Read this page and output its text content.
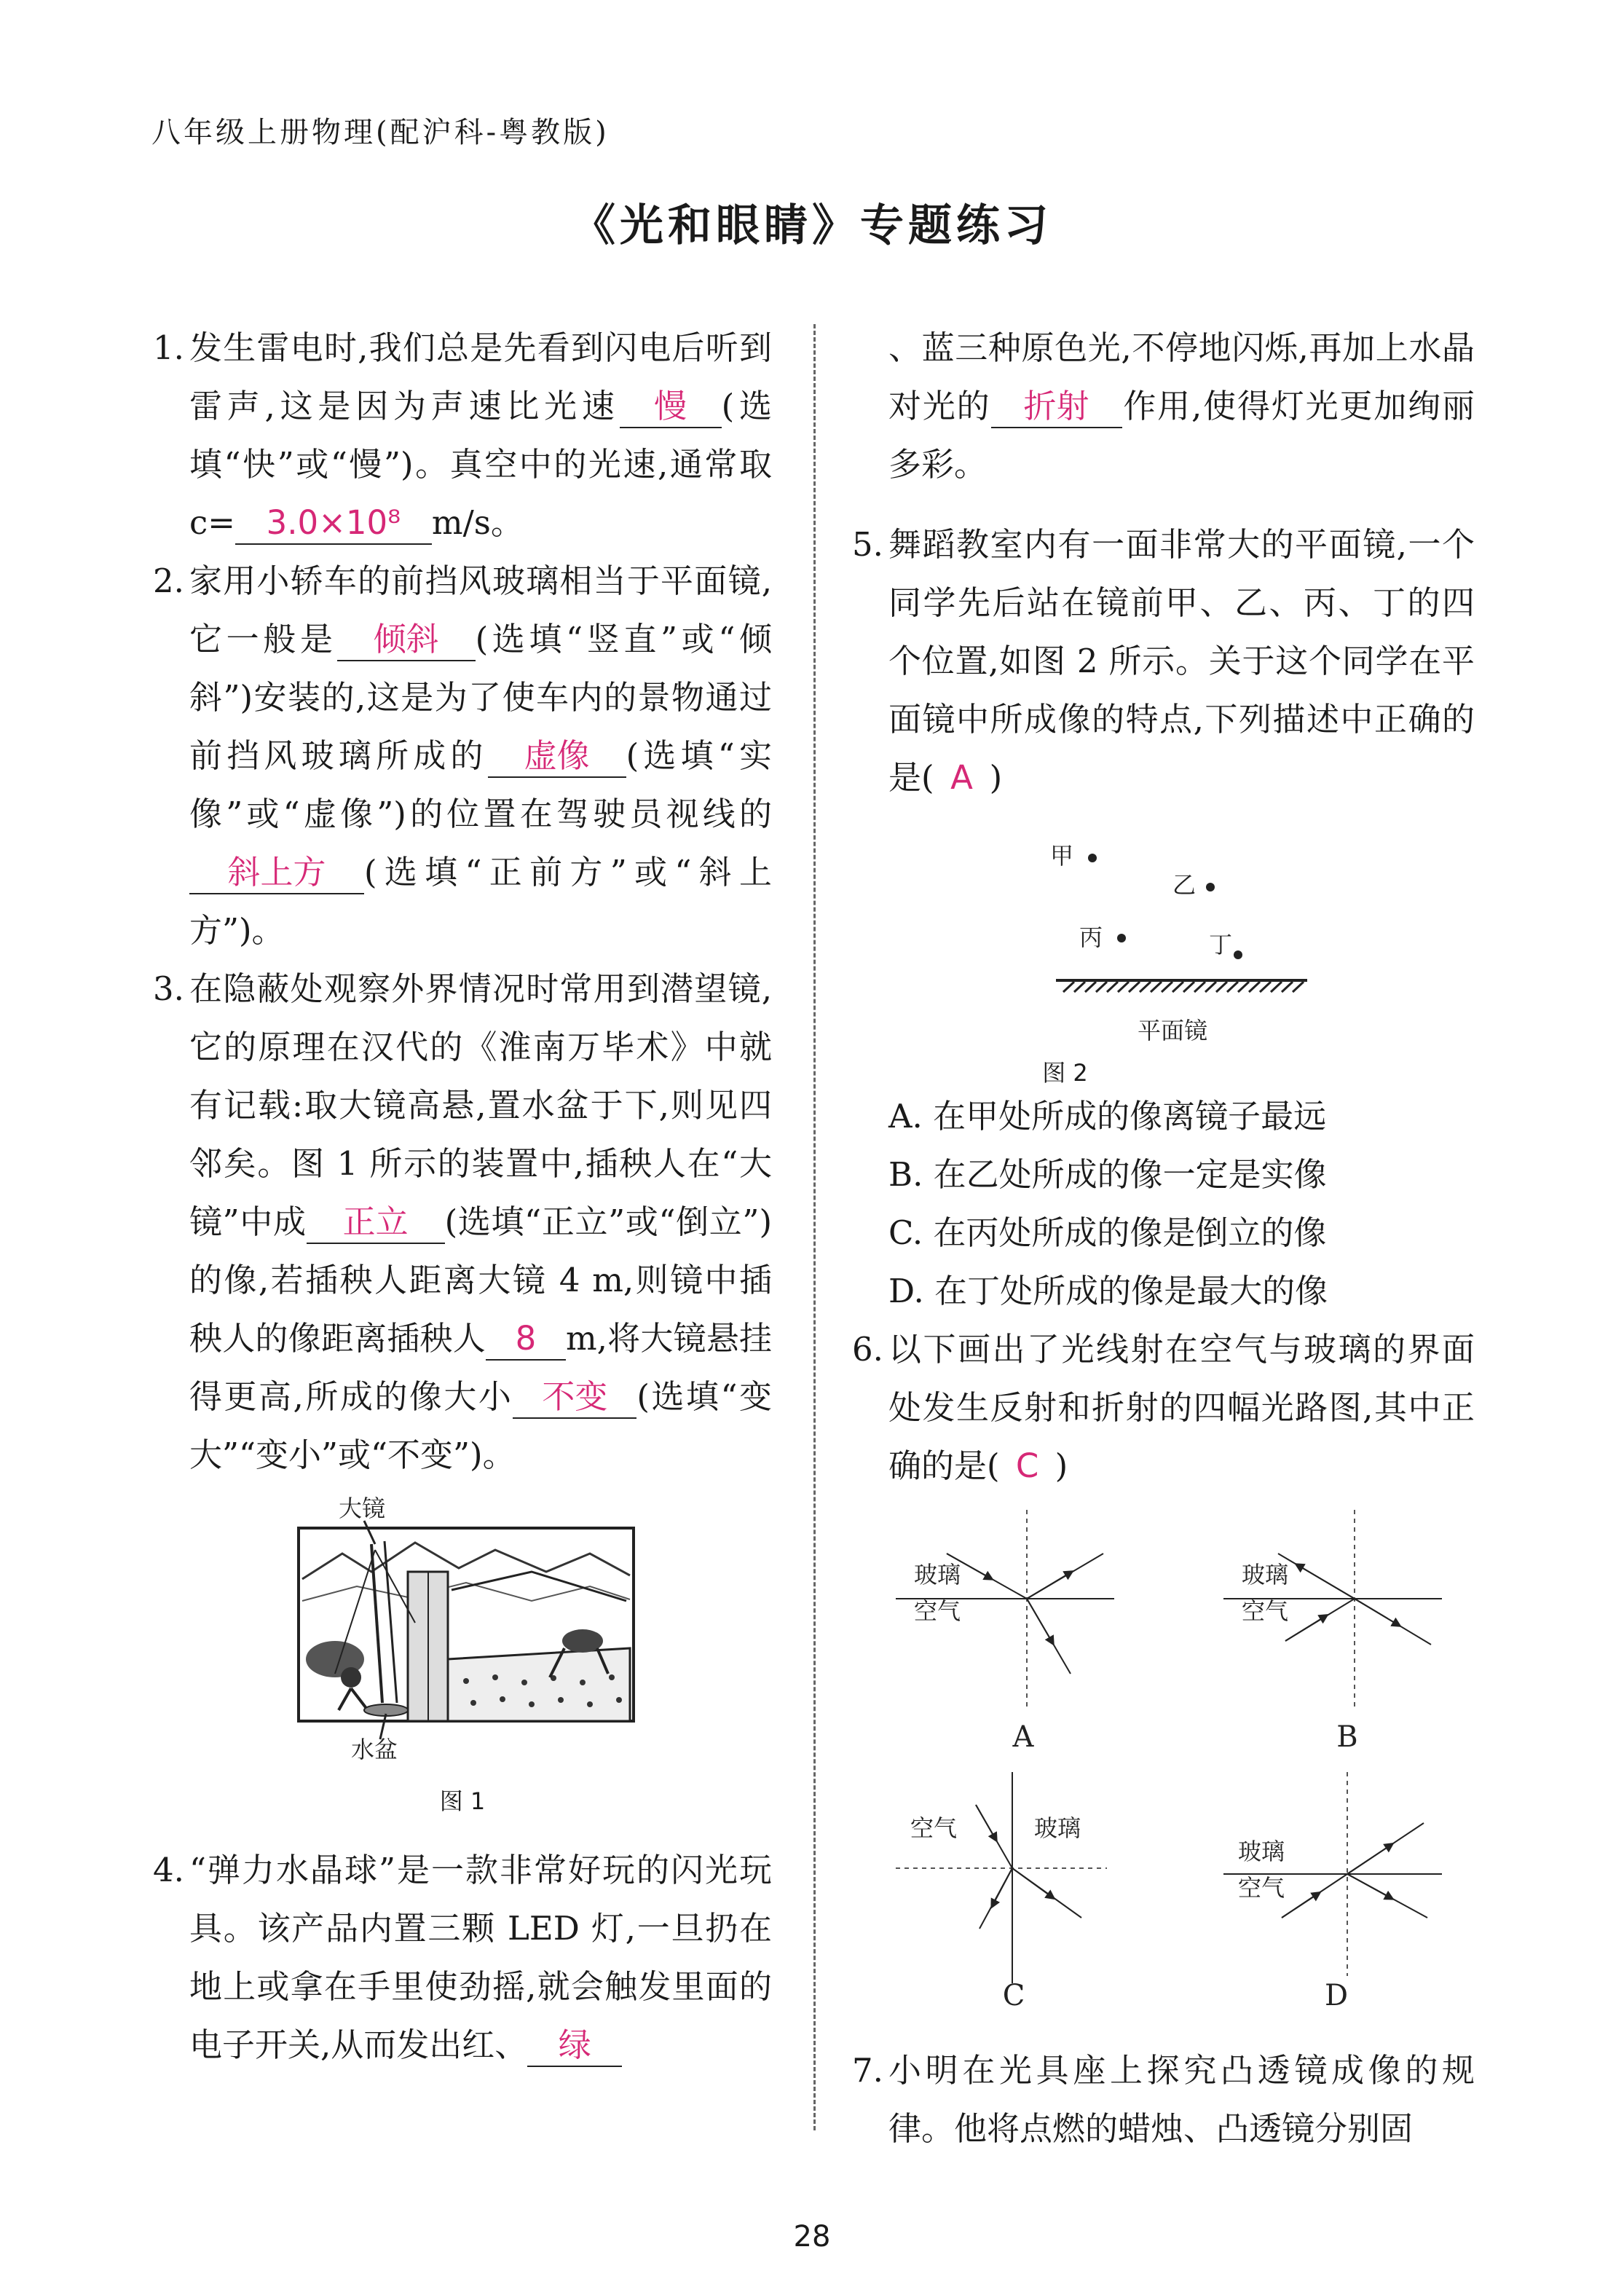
八年级上册物理(配沪科-粤教版)
《光和眼睛》专题练习
1. 发生雷电时,我们总是先看到闪电后听到雷声,这是因为声速比光速 慢 (选填“快”或“慢”)。真空中的光速,通常取 c= 3.0×10⁸ m/s。
2. 家用小轿车的前挡风玻璃相当于平面镜,它一般是 倾斜 (选填“竖直”或“倾斜”)安装的,这是为了使车内的景物通过前挡风玻璃所成的 虚像 (选填“实像”或“虚像”)的位置在驾驶员视线的斜上方 (选填“正前方”或“斜上方”)。
3. 在隐蔽处观察外界情况时常用到潜望镜,它的原理在汉代的《淮南万毕术》中就有记载:取大镜高悬,置水盆于下,则见四邻矣。图 1 所示的装置中,插秧人在“大镜”中成 正立 (选填“正立”或“倒立”)的像,若插秧人距离大镜 4 m,则镜中插秧人的像距离插秧人 8 m,将大镜悬挂得更高,所成的像大小 不变 (选填“变大”“变小”或“不变”)。
大镜
水盆
图 1
4. “弹力水晶球”是一款非常好玩的闪光玩具。该产品内置三颗 LED 灯,一旦扔在地上或拿在手里使劲摇,就会触发里面的电子开关,从而发出红、 绿
、蓝三种原色光,不停地闪烁,再加上水晶对光的 折射 作用,使得灯光更加绚丽多彩。
5. 舞蹈教室内有一面非常大的平面镜,一个同学先后站在镜前甲、乙、丙、丁的四个位置,如图 2 所示。关于这个同学在平面镜中所成像的特点,下列描述中正确的是( A )
甲
乙
丙	丁
平面镜
图 2
A. 在甲处所成的像离镜子最远
B. 在乙处所成的像一定是实像
C. 在丙处所成的像是倒立的像
D. 在丁处所成的像是最大的像
6. 以下画出了光线射在空气与玻璃的界面处发生反射和折射的四幅光路图,其中正确的是( C )
玻璃
空气
A
玻璃
空气
B
空气	玻璃
C
玻璃
空气
D
7. 小明在光具座上探究凸透镜成像的规律。他将点燃的蜡烛、凸透镜分别固
28
